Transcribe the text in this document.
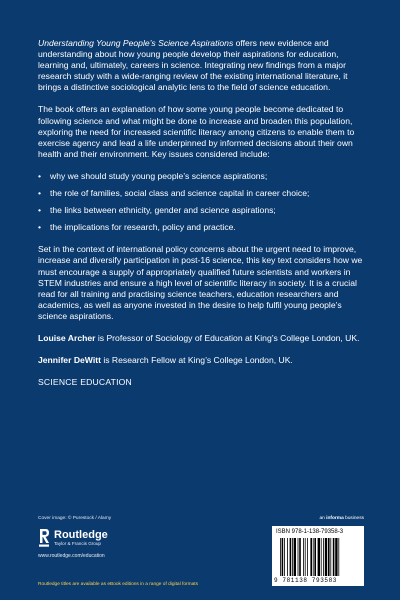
Understanding Young People’s Science Aspirations offers new evidence and understanding about how young people develop their aspirations for education, learning and, ultimately, careers in science. Integrating new findings from a major research study with a wide-ranging review of the existing international literature, it brings a distinctive sociological analytic lens to the field of science education.

The book offers an explanation of how some young people become dedicated to following science and what might be done to increase and broaden this population, exploring the need for increased scientific literacy among citizens to enable them to exercise agency and lead a life underpinned by informed decisions about their own health and their environment. Key issues considered include:

• why we should study young people’s science aspirations;
• the role of families, social class and science capital in career choice;
• the links between ethnicity, gender and science aspirations;
• the implications for research, policy and practice.

Set in the context of international policy concerns about the urgent need to improve, increase and diversify participation in post-16 science, this key text considers how we must encourage a supply of appropriately qualified future scientists and workers in STEM industries and ensure a high level of scientific literacy in society. It is a crucial read for all training and practising science teachers, education researchers and academics, as well as anyone invested in the desire to help fulfil young people’s science aspirations.

Louise Archer is Professor of Sociology of Education at King’s College London, UK.

Jennifer DeWitt is Research Fellow at King’s College London, UK.

SCIENCE EDUCATION

Cover image: © Purestock / Alamy	an informa business
Routledge
Taylor & Francis Group
www.routledge.com/education
Routledge titles are available as eBook editions in a range of digital formats
ISBN 978-1-138-79358-3
9 781138 793583
